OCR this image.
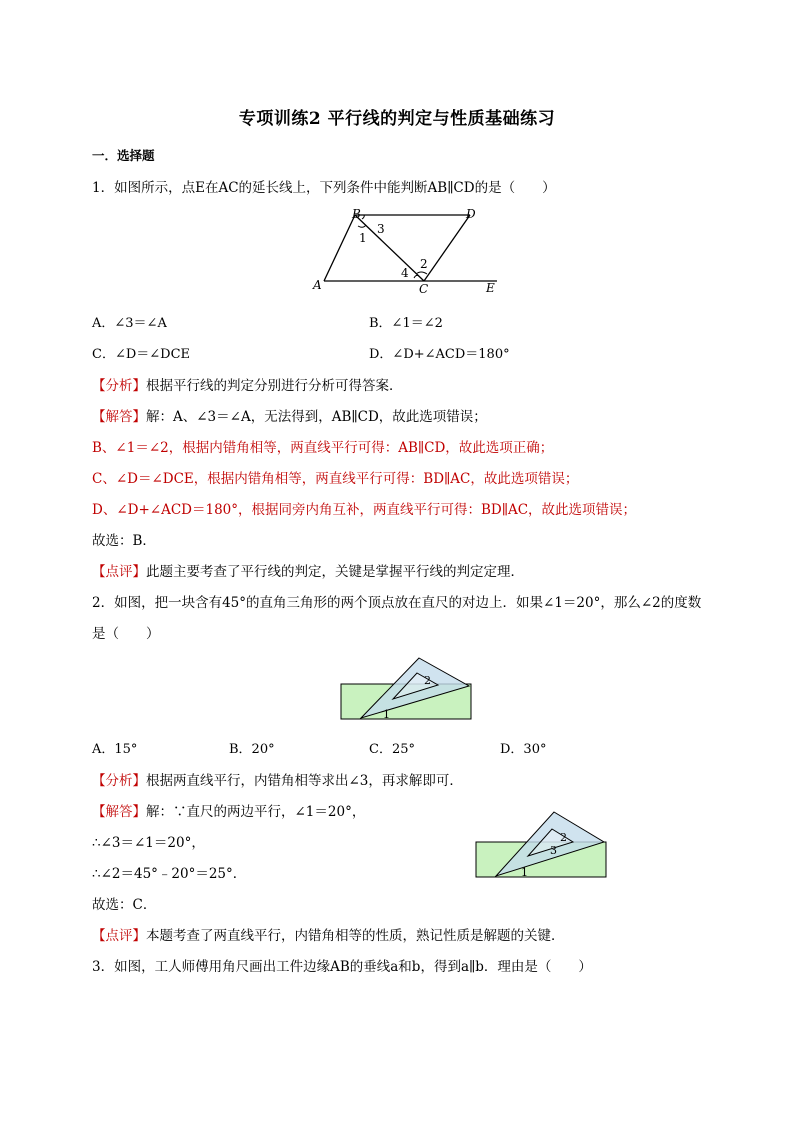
专项训练2 平行线的判定与性质基础练习
一．选择题
1．如图所示，点E在AC的延长线上，下列条件中能判断AB∥CD的是（　　）
B	D
A	C	E
1
2
3
4
A．∠3＝∠A	B．∠1＝∠2
C．∠D＝∠DCE	D．∠D+∠ACD＝180°
【分析】根据平行线的判定分别进行分析可得答案．
【解答】解：A、∠3＝∠A，无法得到，AB∥CD，故此选项错误；
B、∠1＝∠2，根据内错角相等，两直线平行可得：AB∥CD，故此选项正确；
C、∠D＝∠DCE，根据内错角相等，两直线平行可得：BD∥AC，故此选项错误；
D、∠D+∠ACD＝180°，根据同旁内角互补，两直线平行可得：BD∥AC，故此选项错误；
故选：B．
【点评】此题主要考查了平行线的判定，关键是掌握平行线的判定定理．
2．如图，把一块含有45°的直角三角形的两个顶点放在直尺的对边上．如果∠1＝20°，那么∠2的度数
是（　　）
2
1
A．15°	B．20°	C．25°	D．30°
【分析】根据两直线平行，内错角相等求出∠3，再求解即可．
【解答】解：∵直尺的两边平行，∠1＝20°，
∴∠3＝∠1＝20°，
∴∠2＝45°﹣20°＝25°．
2
3
1
故选：C．
【点评】本题考查了两直线平行，内错角相等的性质，熟记性质是解题的关键．
3．如图，工人师傅用角尺画出工件边缘AB的垂线a和b，得到a∥b．理由是（　　）
